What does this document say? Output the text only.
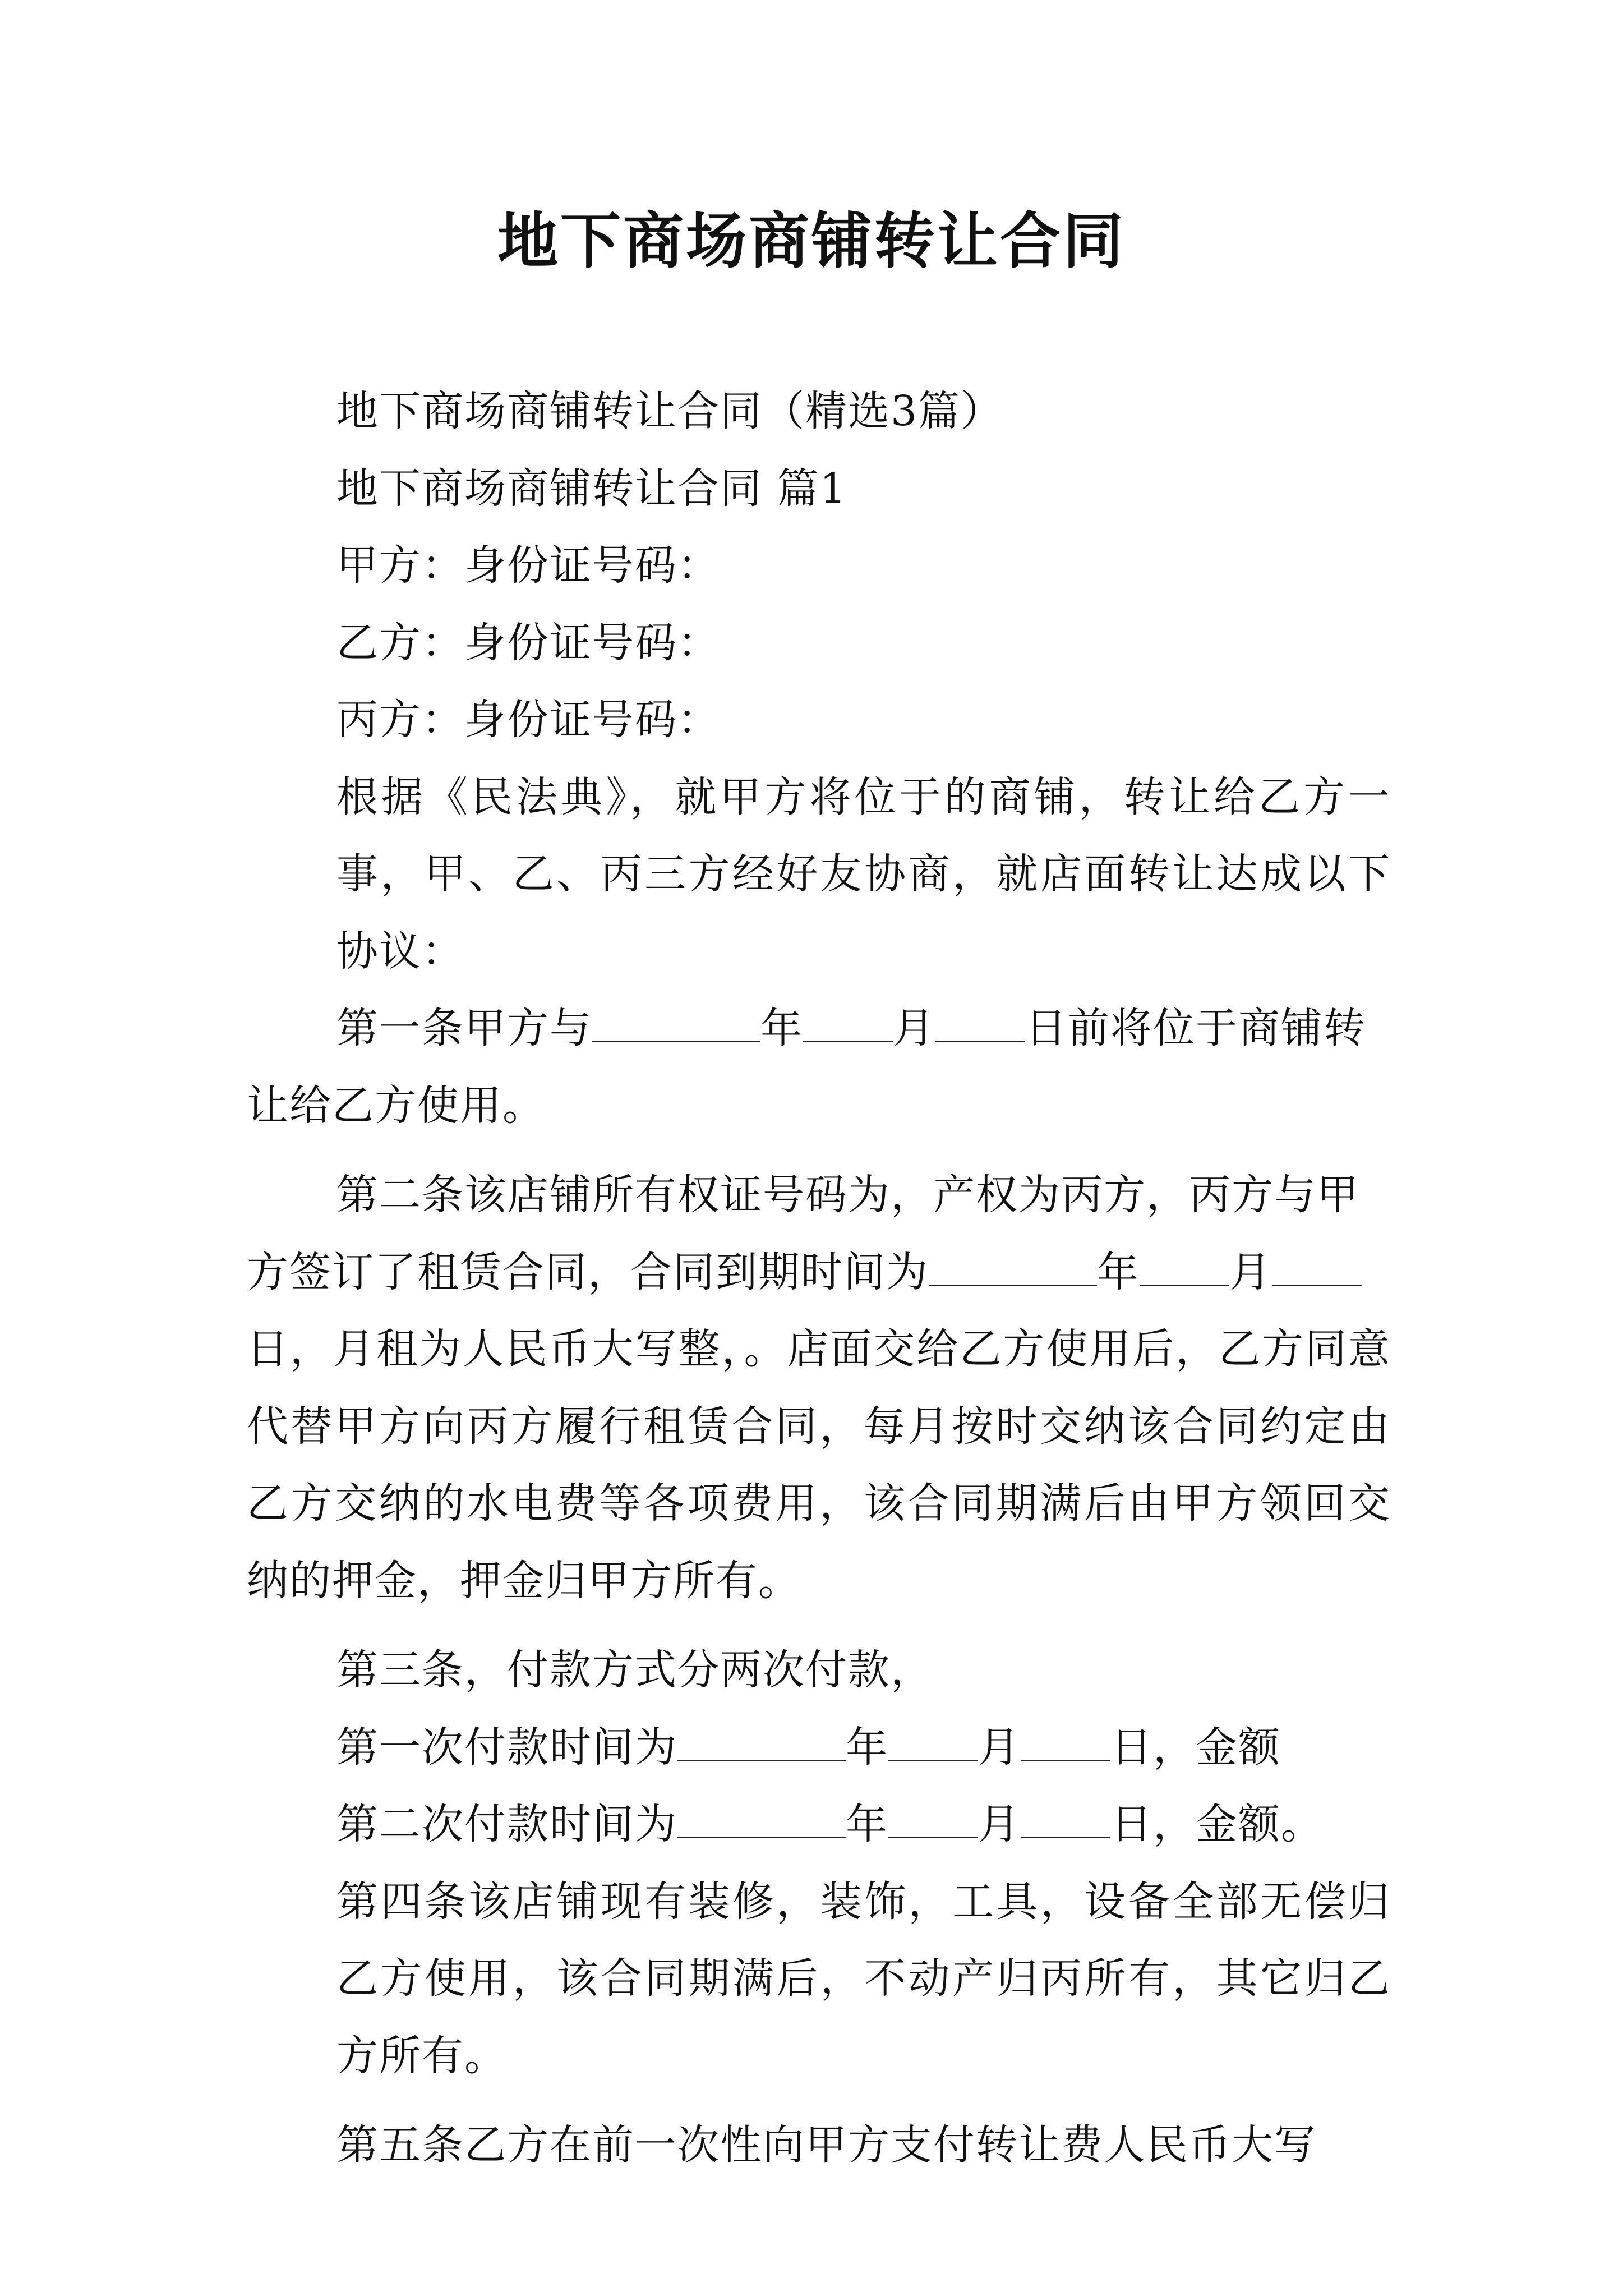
地下商场商铺转让合同

地下商场商铺转让合同（精选3篇）

地下商场商铺转让合同 篇1

甲方：身份证号码：

乙方：身份证号码：

丙方：身份证号码：

根据《民法典》，就甲方将位于的商铺，转让给乙方一事，甲、乙、丙三方经好友协商，就店面转让达成以下协议：

第一条甲方与	年 月 日前将位于商铺转

让给乙方使用。

第二条该店铺所有权证号码为，产权为丙方，丙方与甲

方签订了租赁合同，合同到期时间为	年 月

日，月租为人民币大写整，。店面交给乙方使用后，乙方同意代替甲方向丙方履行租赁合同，每月按时交纳该合同约定由乙方交纳的水电费等各项费用，该合同期满后由甲方领回交纳的押金，押金归甲方所有。

第三条，付款方式分两次付款，

第一次付款时间为	年 月 日，金额

第二次付款时间为	年 月 日，金额。

第四条该店铺现有装修，装饰，工具，设备全部无偿归乙方使用，该合同期满后，不动产归丙所有，其它归乙方所有。

第五条乙方在前一次性向甲方支付转让费人民币大写
